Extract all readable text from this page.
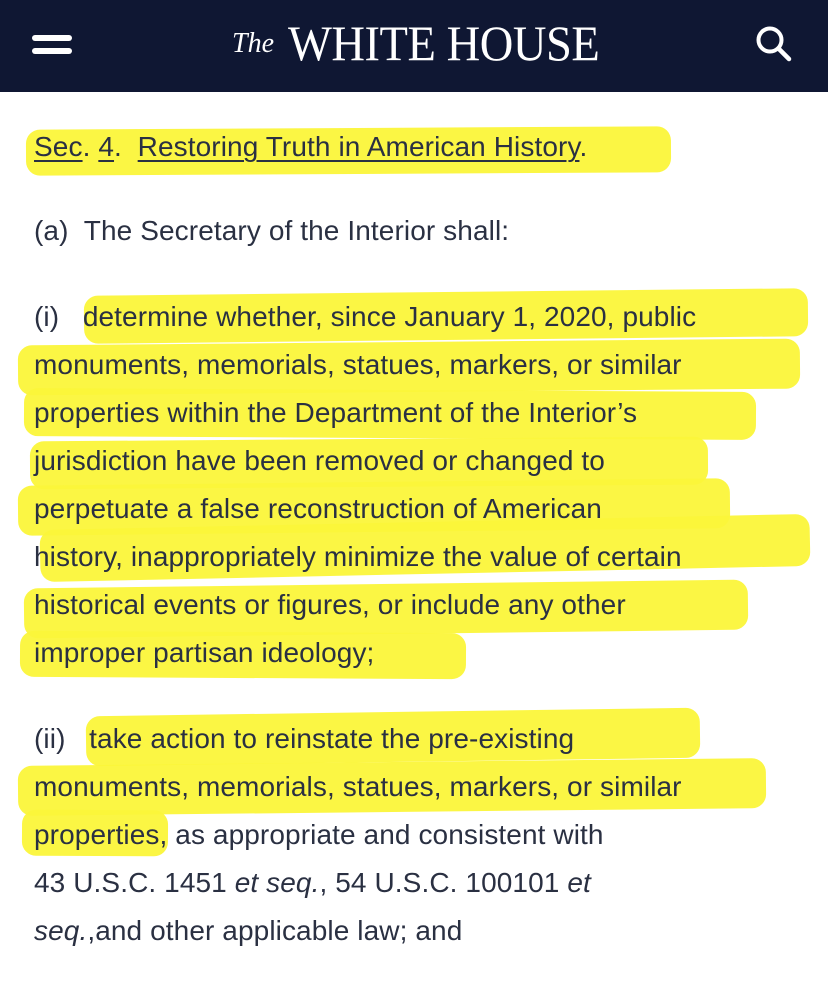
The WHITE HOUSE
Sec. 4.  Restoring Truth in American History.
(a) The Secretary of the Interior shall:
(i) determine whether, since January 1, 2020, public
monuments, memorials, statues, markers, or similar
properties within the Department of the Interior’s
jurisdiction have been removed or changed to
perpetuate a false reconstruction of American
history, inappropriately minimize the value of certain
historical events or figures, or include any other
improper partisan ideology;
(ii) take action to reinstate the pre-existing
monuments, memorials, statues, markers, or similar
properties, as appropriate and consistent with
43 U.S.C. 1451 et seq., 54 U.S.C. 100101 et
seq.,and other applicable law; and
